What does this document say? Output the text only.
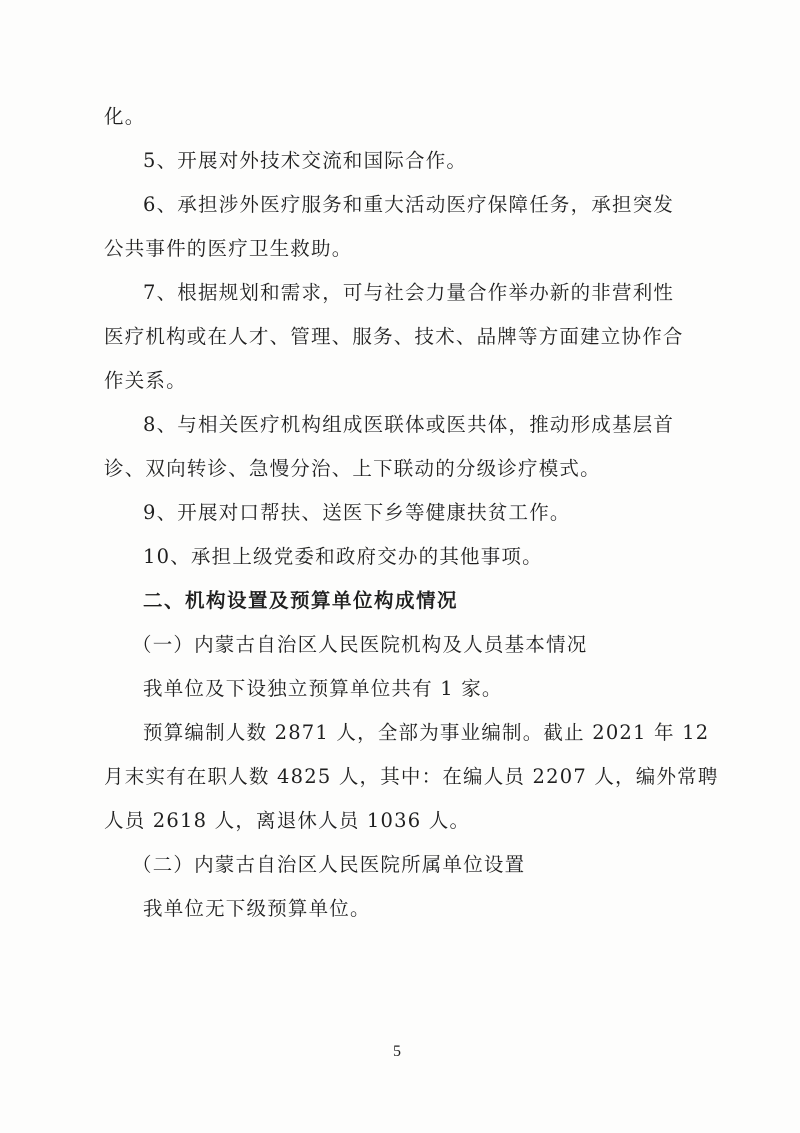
化。
5、开展对外技术交流和国际合作。
6、承担涉外医疗服务和重大活动医疗保障任务，承担突发
公共事件的医疗卫生救助。
7、根据规划和需求，可与社会力量合作举办新的非营利性
医疗机构或在人才、管理、服务、技术、品牌等方面建立协作合
作关系。
8、与相关医疗机构组成医联体或医共体，推动形成基层首
诊、双向转诊、急慢分治、上下联动的分级诊疗模式。
9、开展对口帮扶、送医下乡等健康扶贫工作。
10、承担上级党委和政府交办的其他事项。
二、机构设置及预算单位构成情况
（一）内蒙古自治区人民医院机构及人员基本情况
我单位及下设独立预算单位共有 1 家。
预算编制人数 2871 人，全部为事业编制。截止 2021 年 12
月末实有在职人数 4825 人，其中：在编人员 2207 人，编外常聘
人员 2618 人，离退休人员 1036 人。
（二）内蒙古自治区人民医院所属单位设置
我单位无下级预算单位。
5
